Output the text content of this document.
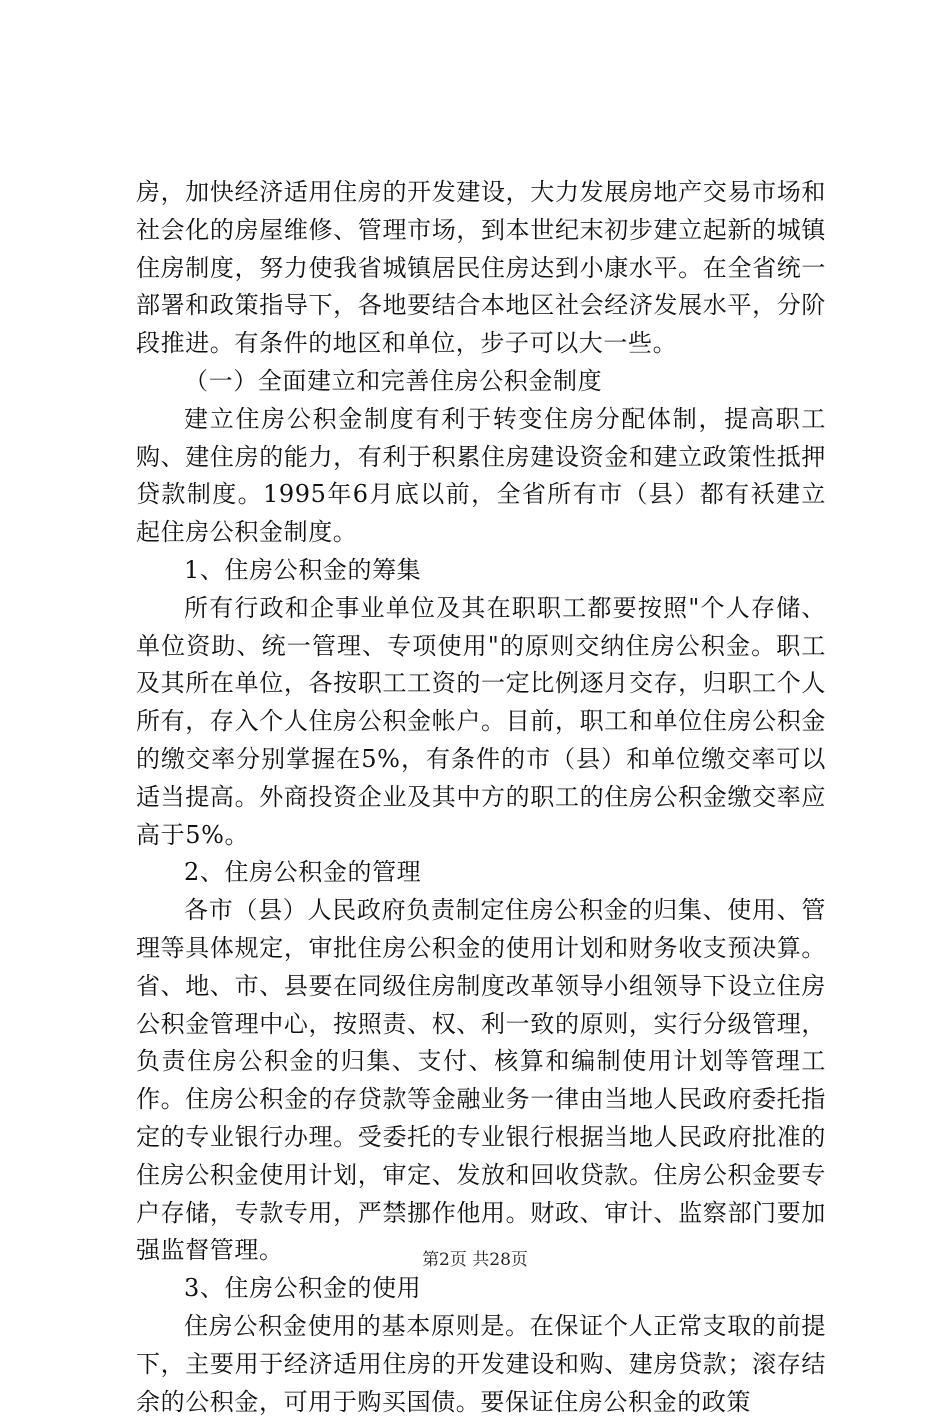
房，加快经济适用住房的开发建设，大力发展房地产交易市场和社会化的房屋维修、管理市场，到本世纪末初步建立起新的城镇住房制度，努力使我省城镇居民住房达到小康水平。在全省统一部署和政策指导下，各地要结合本地区社会经济发展水平，分阶段推进。有条件的地区和单位，步子可以大一些。

（一）全面建立和完善住房公积金制度

建立住房公积金制度有利于转变住房分配体制，提高职工购、建住房的能力，有利于积累住房建设资金和建立政策性抵押贷款制度。1995年6月底以前，全省所有市（县）都有袄建立起住房公积金制度。

1、住房公积金的筹集

所有行政和企事业单位及其在职职工都要按照"个人存储、单位资助、统一管理、专项使用"的原则交纳住房公积金。职工及其所在单位，各按职工工资的一定比例逐月交存，归职工个人所有，存入个人住房公积金帐户。目前，职工和单位住房公积金的缴交率分别掌握在5%，有条件的市（县）和单位缴交率可以适当提高。外商投资企业及其中方的职工的住房公积金缴交率应高于5%。

2、住房公积金的管理

各市（县）人民政府负责制定住房公积金的归集、使用、管理等具体规定，审批住房公积金的使用计划和财务收支预决算。省、地、市、县要在同级住房制度改革领导小组领导下设立住房公积金管理中心，按照责、权、利一致的原则，实行分级管理，负责住房公积金的归集、支付、核算和编制使用计划等管理工作。住房公积金的存贷款等金融业务一律由当地人民政府委托指定的专业银行办理。受委托的专业银行根据当地人民政府批准的住房公积金使用计划，审定、发放和回收贷款。住房公积金要专户存储，专款专用，严禁挪作他用。财政、审计、监察部门要加强监督管理。

3、住房公积金的使用

住房公积金使用的基本原则是。在保证个人正常支取的前提下，主要用于经济适用住房的开发建设和购、建房贷款；滚存结余的公积金，可用于购买国债。要保证住房公积金的政策

第2页 共28页
